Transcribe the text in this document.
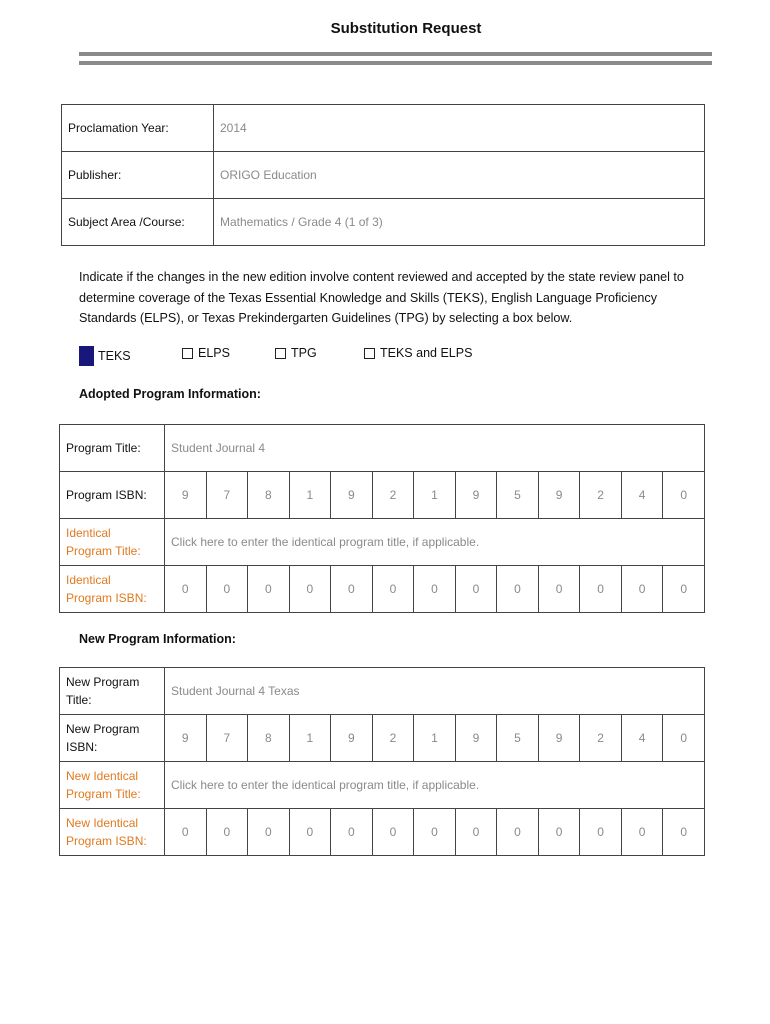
Substitution Request
Proclamation Year:	2014
Publisher:	ORIGO Education
Subject Area /Course:	Mathematics / Grade 4 (1 of 3)
Indicate if the changes in the new edition involve content reviewed and accepted by the state review panel to determine coverage of the Texas Essential Knowledge and Skills (TEKS), English Language Proficiency Standards (ELPS), or Texas Prekindergarten Guidelines (TPG) by selecting a box below.
TEKS	ELPS	TPG	TEKS and ELPS
Adopted Program Information:
Program Title:	Student Journal 4												
Program ISBN:	9	7	8	1	9	2	1	9	5	9	2	4	0
Identical Program Title:	Click here to enter the identical program title, if applicable.												
Identical Program ISBN:	0	0	0	0	0	0	0	0	0	0	0	0	0
New Program Information:
New Program Title:	Student Journal 4 Texas												
New Program ISBN:	9	7	8	1	9	2	1	9	5	9	2	4	0
New Identical Program Title:	Click here to enter the identical program title, if applicable.												
New Identical Program ISBN:	0	0	0	0	0	0	0	0	0	0	0	0	0
